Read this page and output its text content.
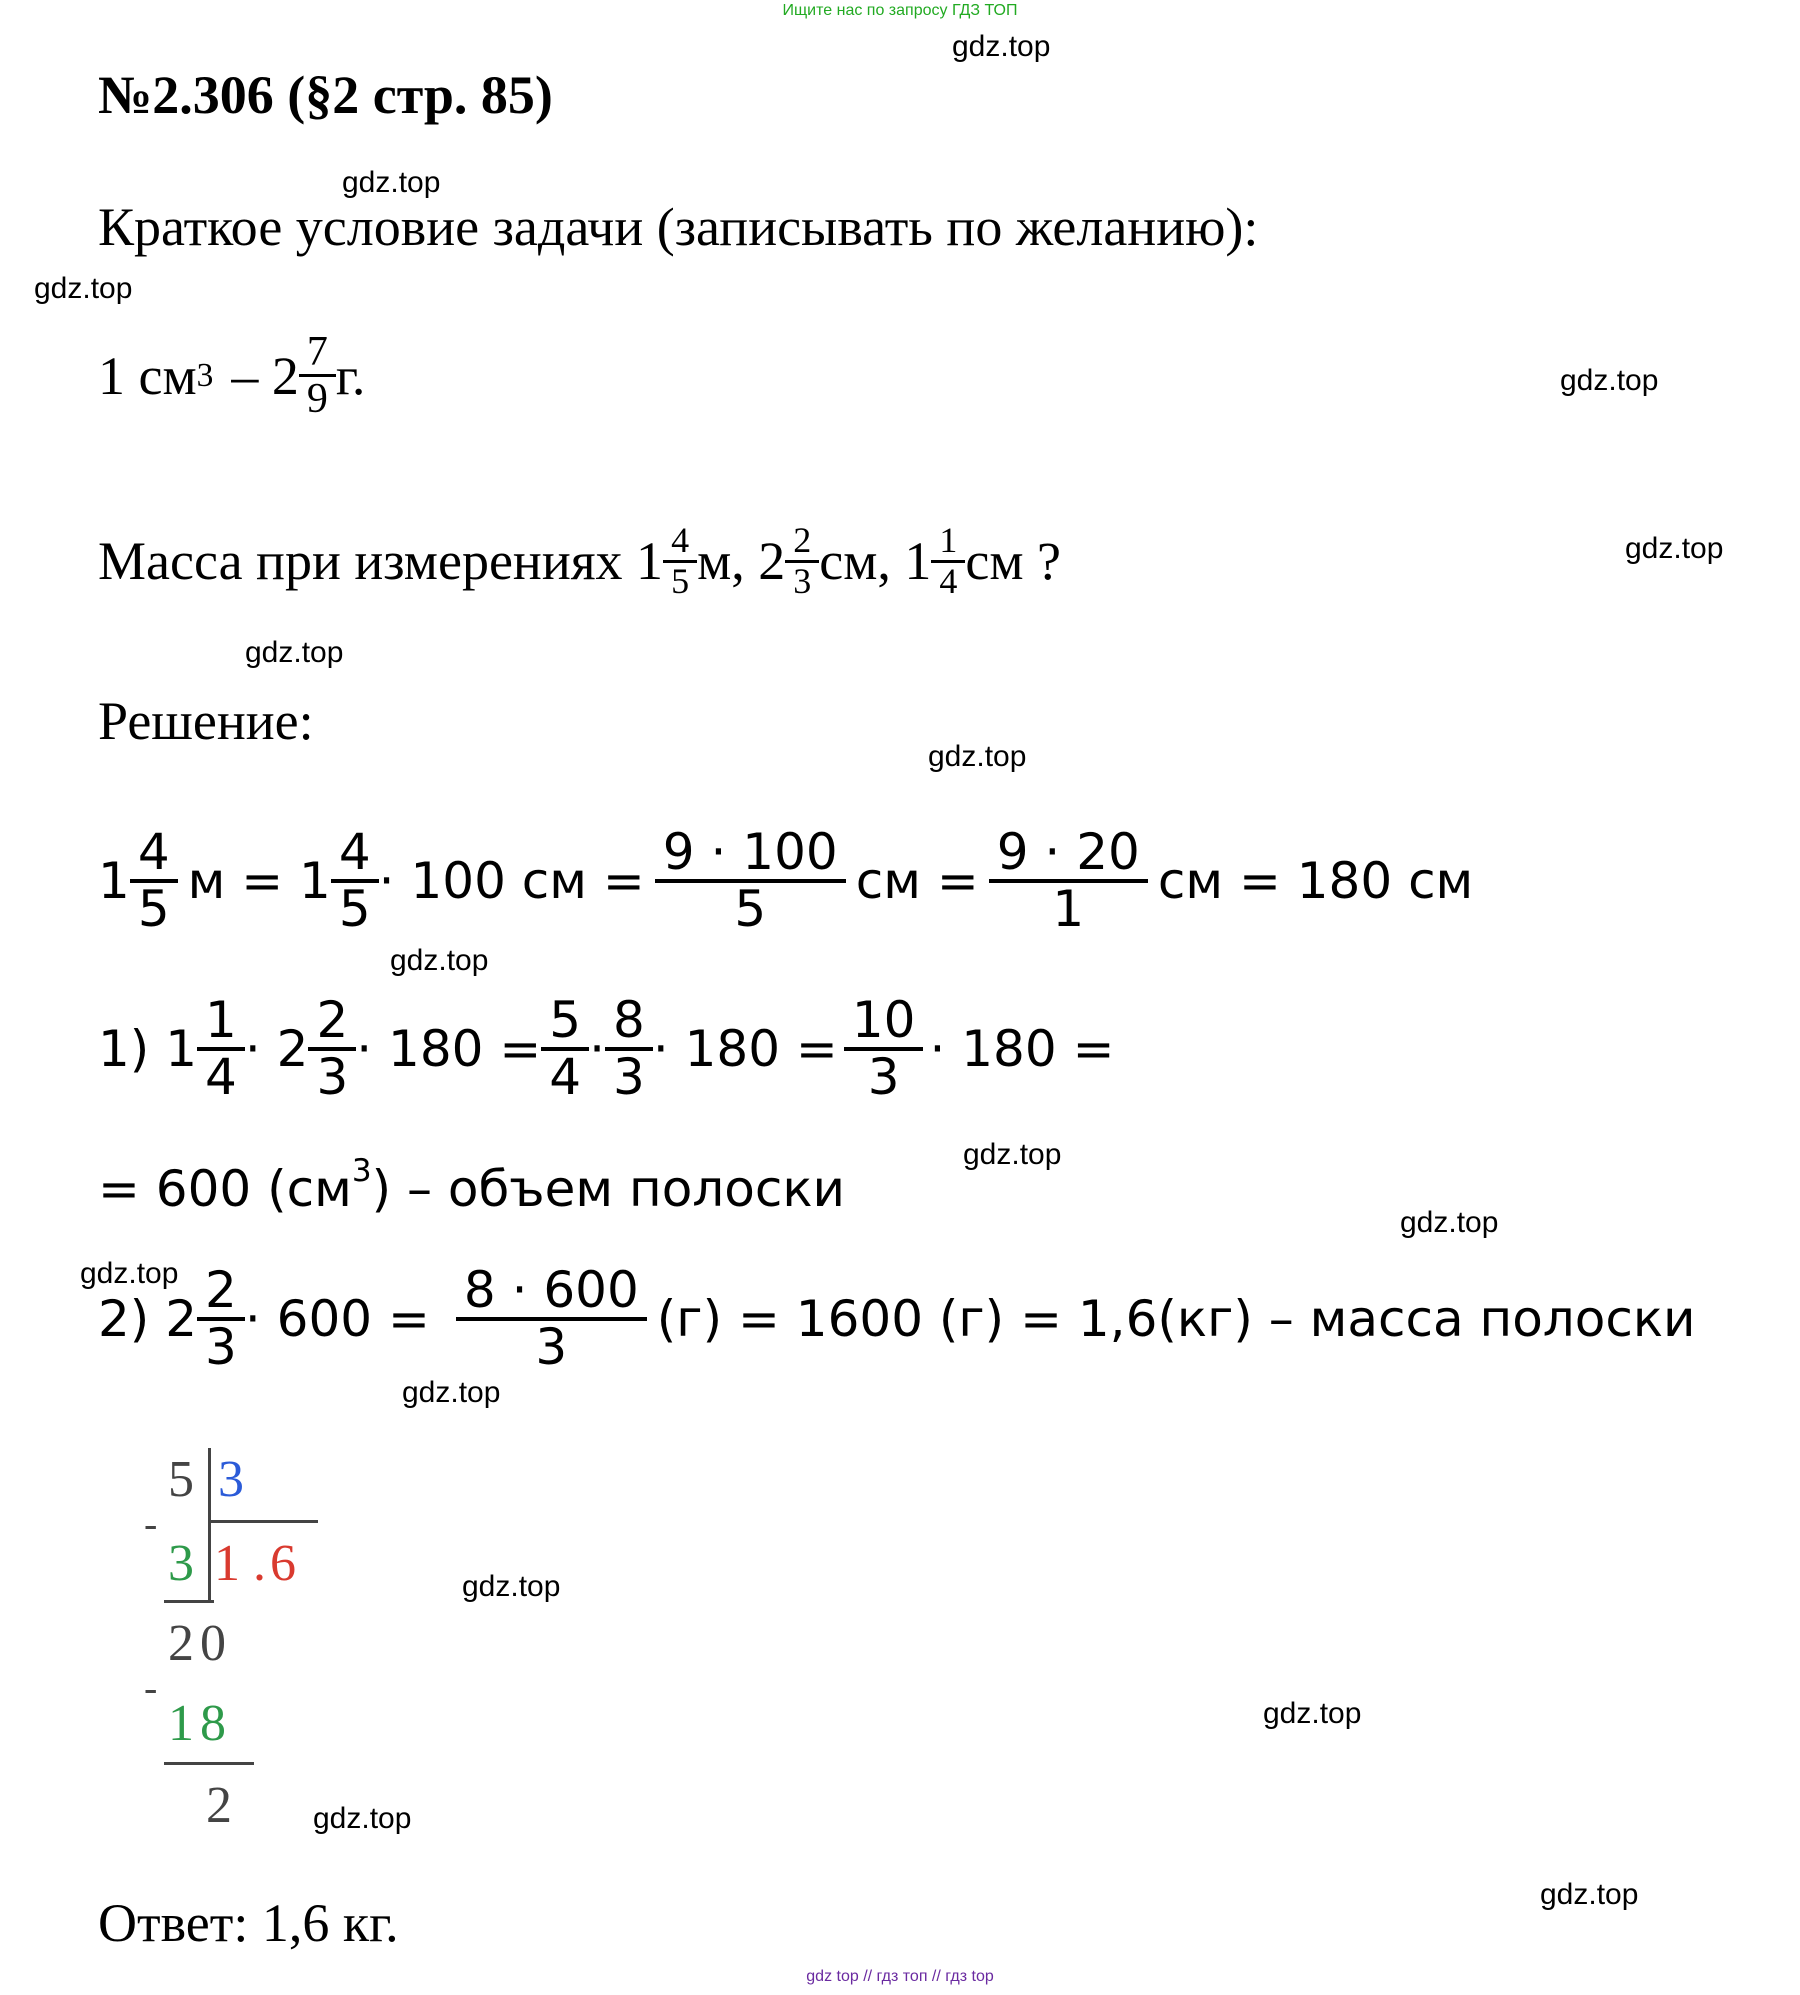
Ищите нас по запросу ГДЗ ТОП
gdz.top
gdz.top
gdz.top
gdz.top
gdz.top
gdz.top
gdz.top
gdz.top
gdz.top
gdz.top
gdz.top
gdz.top
gdz.top
gdz.top
gdz.top
gdz.top
№2.306 (§2 стр. 85)
Краткое условие задачи (записывать по желанию):
1 см $3 - 2 \frac{7}{9} г$.
Масса при измерениях $1 \frac{4}{5} м$, $2 \frac{2}{3}$ см, $1 \frac{1}{4}$ см ?
Решение:
$1 \frac{4}{5}$ $м = 1 \frac{4}{5} \cdot 100$ см = $\frac{9 \cdot 100}{5}$ см = $\frac{9 \cdot 20}{1}$ см = 180 см
1) $1 \frac{1}{4} \cdot 2 \frac{2}{3} \cdot 180 = \frac{5}{4} \cdot \frac{8}{3} \cdot 180 = \frac{10}{3} \cdot 180$ =
= 600 $(см^3)$ – объем полоски
2) $2 \frac{2}{3} \cdot 600 = \frac{8 \cdot 600}{3} (г) = 1600$ (г) = 1,6(кг) – масса полоски
5 3
-
3 1 .6
20
-
18
2
Ответ: 1,6 кг.
gdz top // гдз топ // гдз top
